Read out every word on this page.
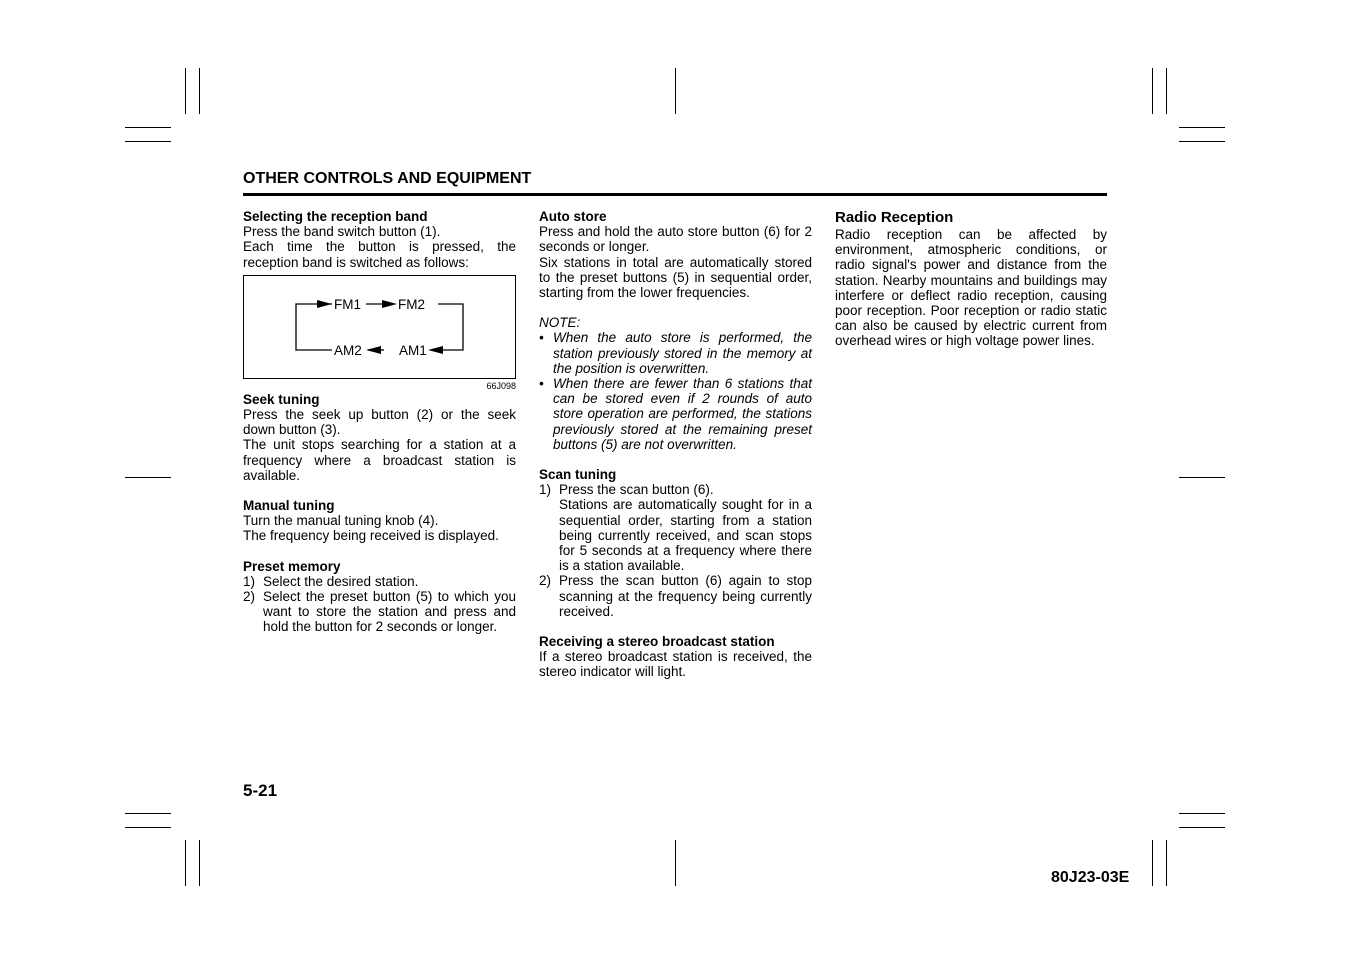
OTHER CONTROLS AND EQUIPMENT
Selecting the reception band

Press the band switch button (1).

Each time the button is pressed, the reception band is switched as follows:

FM1	FM2
AM1
AM2
66J098
Seek tuning

Press the seek up button (2) or the seek down button (3).

The unit stops searching for a station at a frequency where a broadcast station is available.

Manual tuning

Turn the manual tuning knob (4).

The frequency being received is displayed.

Preset memory
1) Select the desired station.
2) Select the preset button (5) to which you want to store the station and press and hold the button for 2 seconds or longer.
Auto store

Press and hold the auto store button (6) for 2 seconds or longer.

Six stations in total are automatically stored to the preset buttons (5) in sequential order, starting from the lower frequencies.

NOTE:
• When the auto store is performed, the station previously stored in the memory at the position is overwritten.
• When there are fewer than 6 stations that can be stored even if 2 rounds of auto store operation are performed, the stations previously stored at the remaining preset buttons (5) are not overwritten.
Scan tuning
1) Press the scan button (6).

Stations are automatically sought for in a sequential order, starting from a station being currently received, and scan stops for 5 seconds at a frequency where there is a station available.

2) Press the scan button (6) again to stop scanning at the frequency being currently received.
Receiving a stereo broadcast station

If a stereo broadcast station is received, the stereo indicator will light.

Radio Reception

Radio reception can be affected by environment, atmospheric conditions, or radio signal's power and distance from the station. Nearby mountains and buildings may interfere or deflect radio reception, causing poor reception. Poor reception or radio static can also be caused by electric current from overhead wires or high voltage power lines.

5-21
80J23-03E
